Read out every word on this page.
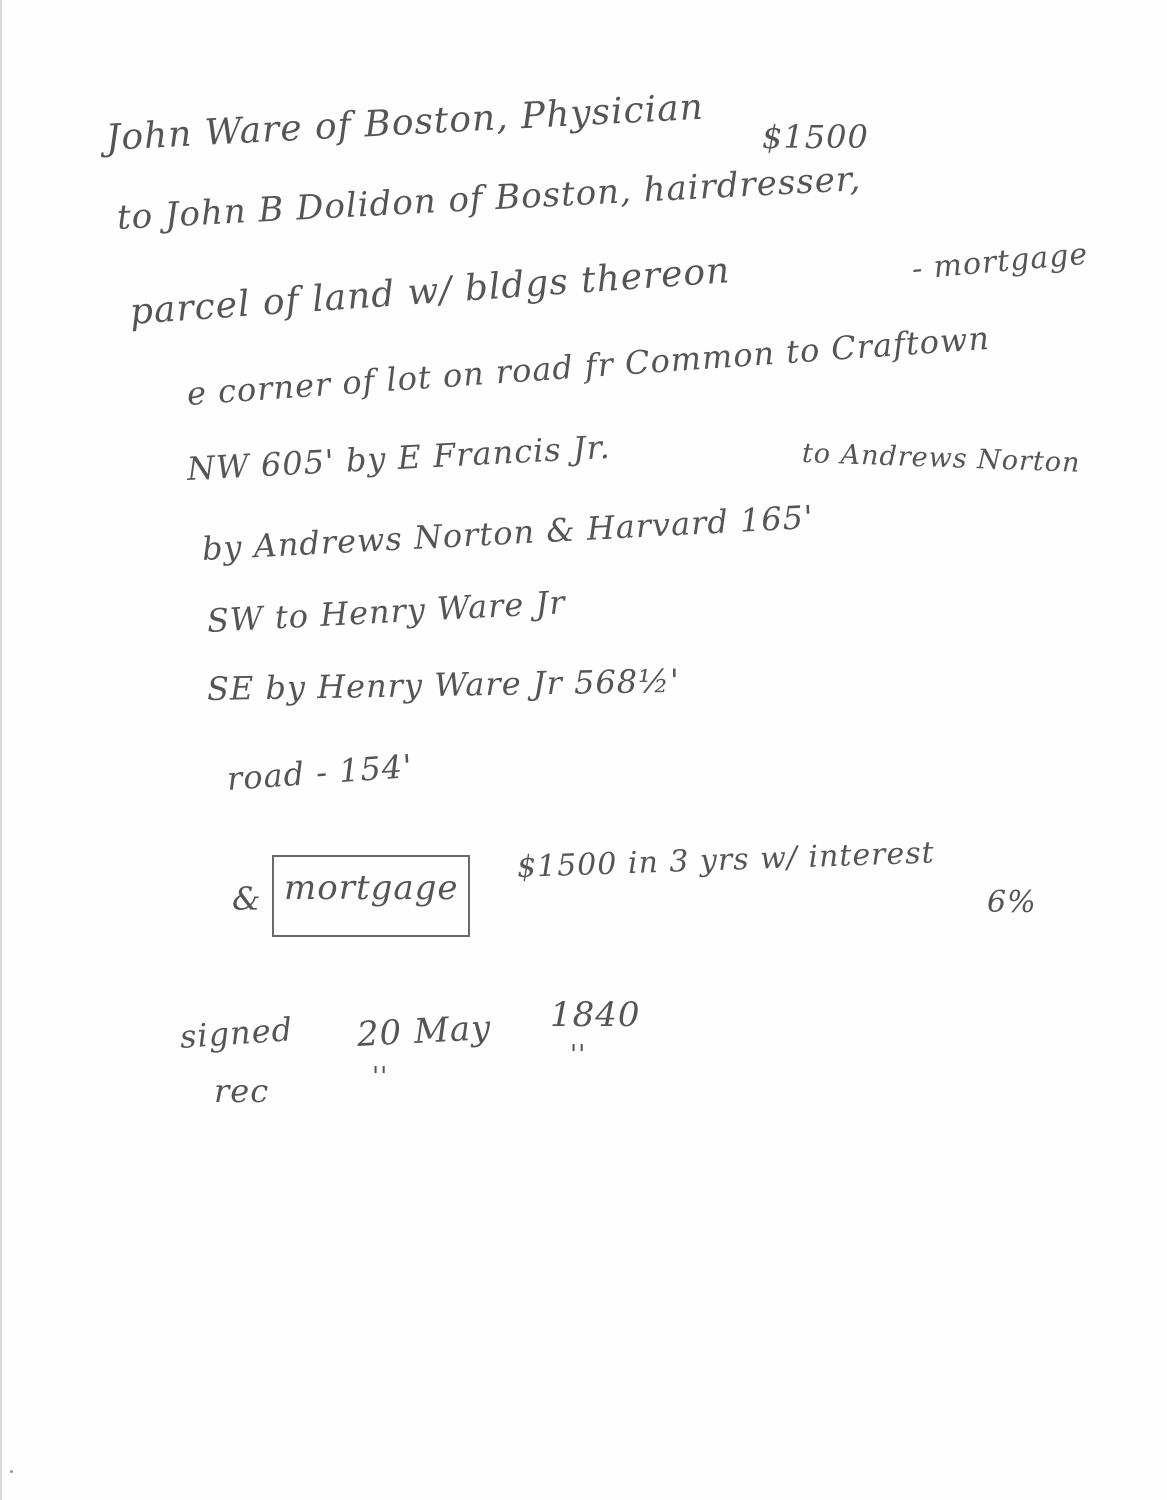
John Ware of Boston, Physician $1500
to John B Dolidon of Boston, hairdresser,
parcel of land w/ bldgs thereon	- mortgage
e corner of lot on road fr Common to Craftown
NW 605' by E Francis Jr.	to Andrews Norton
by Andrews Norton & Harvard 165'
SW to Henry Ware Jr
SE by Henry Ware Jr 568½'
road - 154'
& mortgage
$1500 in 3 yrs w/ interest
6%
signed 20 May 1840
rec	''
''
